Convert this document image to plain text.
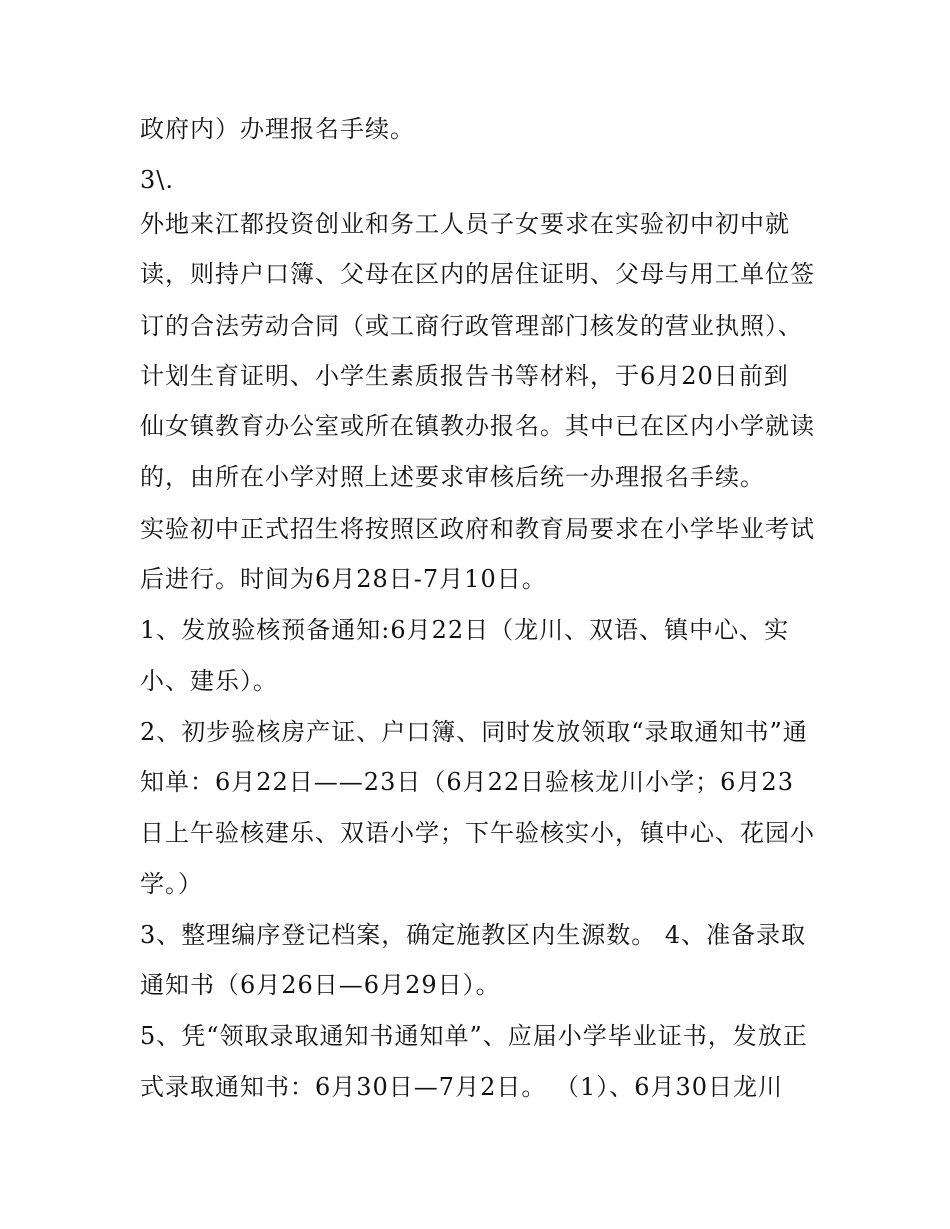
政府内）办理报名手续。

3\.

外地来江都投资创业和务工人员子女要求在实验初中初中就

读，则持户口簿、父母在区内的居住证明、父母与用工单位签

订的合法劳动合同（或工商行政管理部门核发的营业执照）、

计划生育证明、小学生素质报告书等材料，于6月20日前到

仙女镇教育办公室或所在镇教办报名。其中已在区内小学就读

的，由所在小学对照上述要求审核后统一办理报名手续。

实验初中正式招生将按照区政府和教育局要求在小学毕业考试

后进行。时间为6月28日-7月10日。

1、发放验核预备通知:6月22日（龙川、双语、镇中心、实

小、建乐）。

2、初步验核房产证、户口簿、同时发放领取“录取通知书”通

知单：6月22日——23日（6月22日验核龙川小学；6月23

日上午验核建乐、双语小学；下午验核实小，镇中心、花园小

学。）

3、整理编序登记档案，确定施教区内生源数。 4、准备录取

通知书（6月26日—6月29日）。

5、凭“领取录取通知书通知单”、应届小学毕业证书，发放正

式录取通知书：6月30日—7月2日。 （1）、6月30日龙川
